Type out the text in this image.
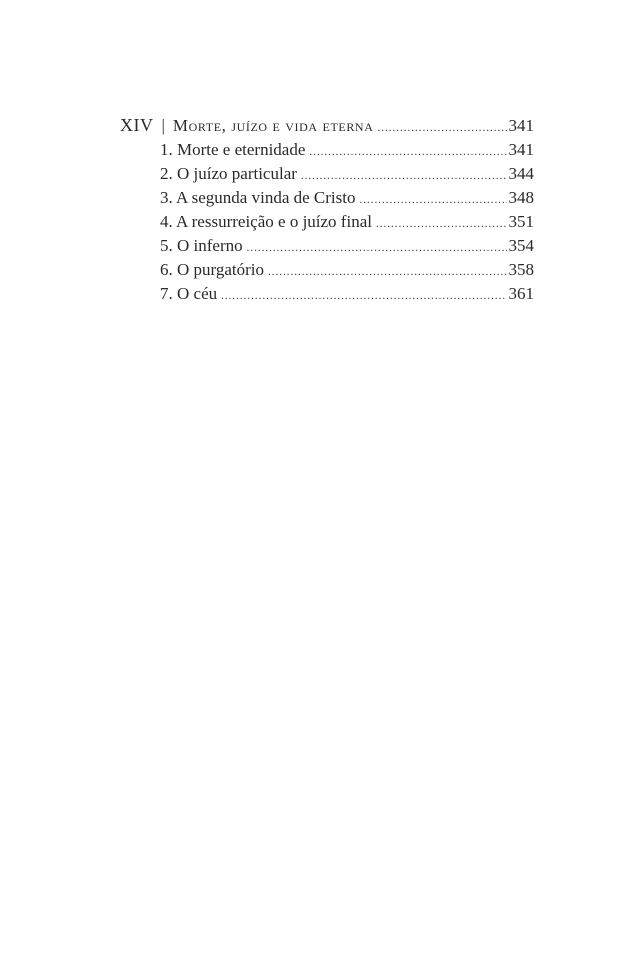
XIV | Morte, juízo e vida eterna .....	341
1. Morte e eternidade .....	341
2. O juízo particular .....	344
3. A segunda vinda de Cristo .....	348
4. A ressurreição e o juízo final .....	351
5. O inferno .....	354
6. O purgatório .....	358
7. O céu .....	361
